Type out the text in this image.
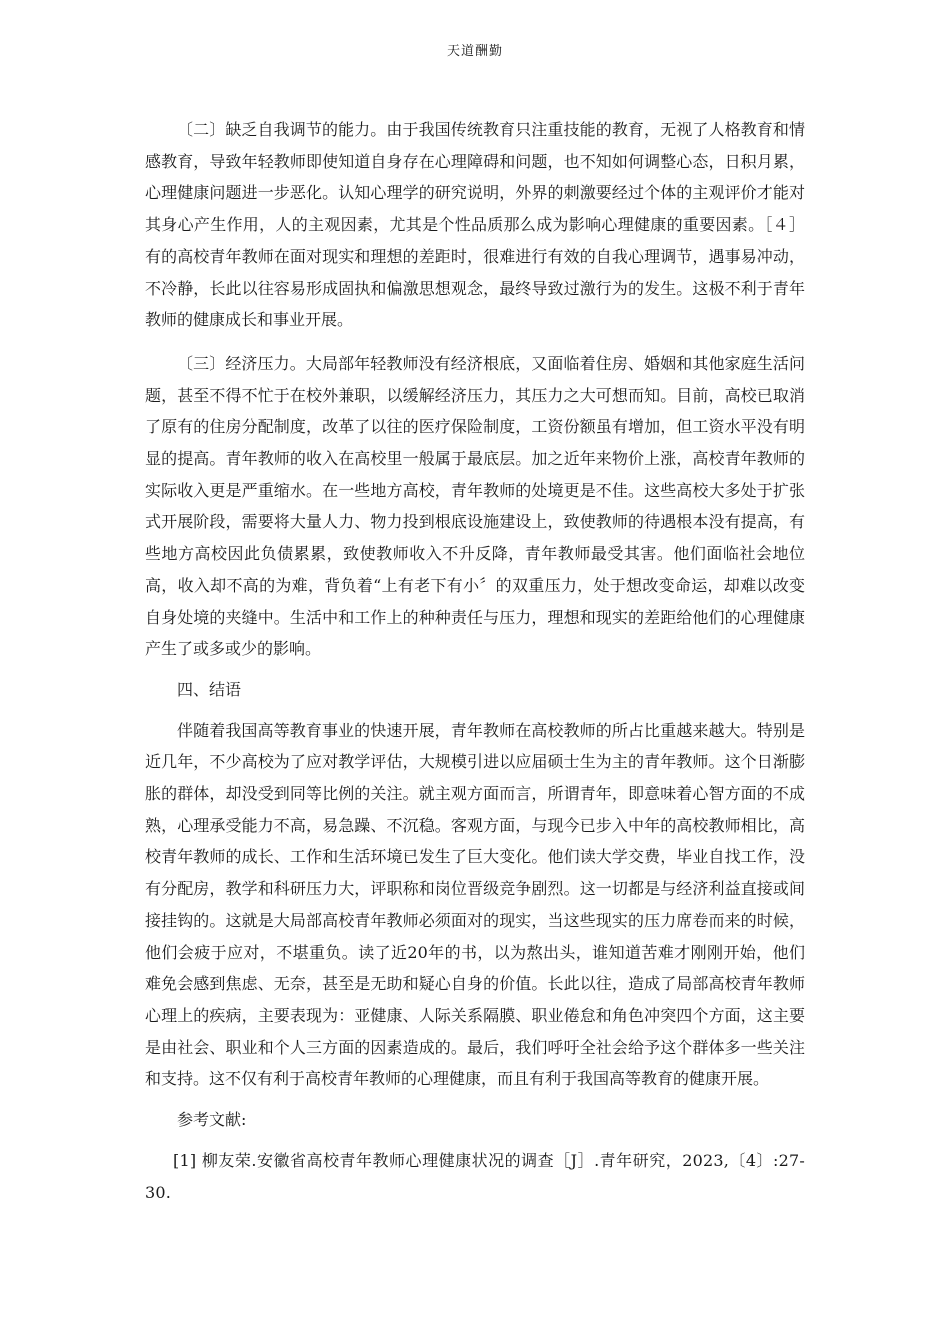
天道酬勤

〔二〕缺乏自我调节的能力。由于我国传统教育只注重技能的教育，无视了人格教育和情感教育，导致年轻教师即使知道自身存在心理障碍和问题，也不知如何调整心态，日积月累，心理健康问题进一步恶化。认知心理学的研究说明，外界的刺激要经过个体的主观评价才能对其身心产生作用，人的主观因素，尤其是个性品质那么成为影响心理健康的重要因素。［４］有的高校青年教师在面对现实和理想的差距时，很难进行有效的自我心理调节，遇事易冲动，不冷静，长此以往容易形成固执和偏激思想观念，最终导致过激行为的发生。这极不利于青年教师的健康成长和事业开展。

〔三〕经济压力。大局部年轻教师没有经济根底，又面临着住房、婚姻和其他家庭生活问题，甚至不得不忙于在校外兼职，以缓解经济压力，其压力之大可想而知。目前，高校已取消了原有的住房分配制度，改革了以往的医疗保险制度，工资份额虽有增加，但工资水平没有明显的提高。青年教师的收入在高校里一般属于最底层。加之近年来物价上涨，高校青年教师的实际收入更是严重缩水。在一些地方高校，青年教师的处境更是不佳。这些高校大多处于扩张式开展阶段，需要将大量人力、物力投到根底设施建设上，致使教师的待遇根本没有提高，有些地方高校因此负债累累，致使教师收入不升反降，青年教师最受其害。他们面临社会地位高，收入却不高的为难，背负着“上有老下有小〞的双重压力，处于想改变命运，却难以改变自身处境的夹缝中。生活中和工作上的种种责任与压力，理想和现实的差距给他们的心理健康产生了或多或少的影响。

四、结语

伴随着我国高等教育事业的快速开展，青年教师在高校教师的所占比重越来越大。特别是近几年，不少高校为了应对教学评估，大规模引进以应届硕士生为主的青年教师。这个日渐膨胀的群体，却没受到同等比例的关注。就主观方面而言，所谓青年，即意味着心智方面的不成熟，心理承受能力不高，易急躁、不沉稳。客观方面，与现今已步入中年的高校教师相比，高校青年教师的成长、工作和生活环境已发生了巨大变化。他们读大学交费，毕业自找工作，没有分配房，教学和科研压力大，评职称和岗位晋级竞争剧烈。这一切都是与经济利益直接或间接挂钩的。这就是大局部高校青年教师必须面对的现实，当这些现实的压力席卷而来的时候，他们会疲于应对，不堪重负。读了近20年的书，以为熬出头，谁知道苦难才刚刚开始，他们难免会感到焦虑、无奈，甚至是无助和疑心自身的价值。长此以往，造成了局部高校青年教师心理上的疾病，主要表现为：亚健康、人际关系隔膜、职业倦怠和角色冲突四个方面，这主要是由社会、职业和个人三方面的因素造成的。最后，我们呼吁全社会给予这个群体多一些关注和支持。这不仅有利于高校青年教师的心理健康，而且有利于我国高等教育的健康开展。

参考文献:

[1] 柳友荣.安徽省高校青年教师心理健康状况的调查［J］.青年研究，2023,〔4〕:27-30.
